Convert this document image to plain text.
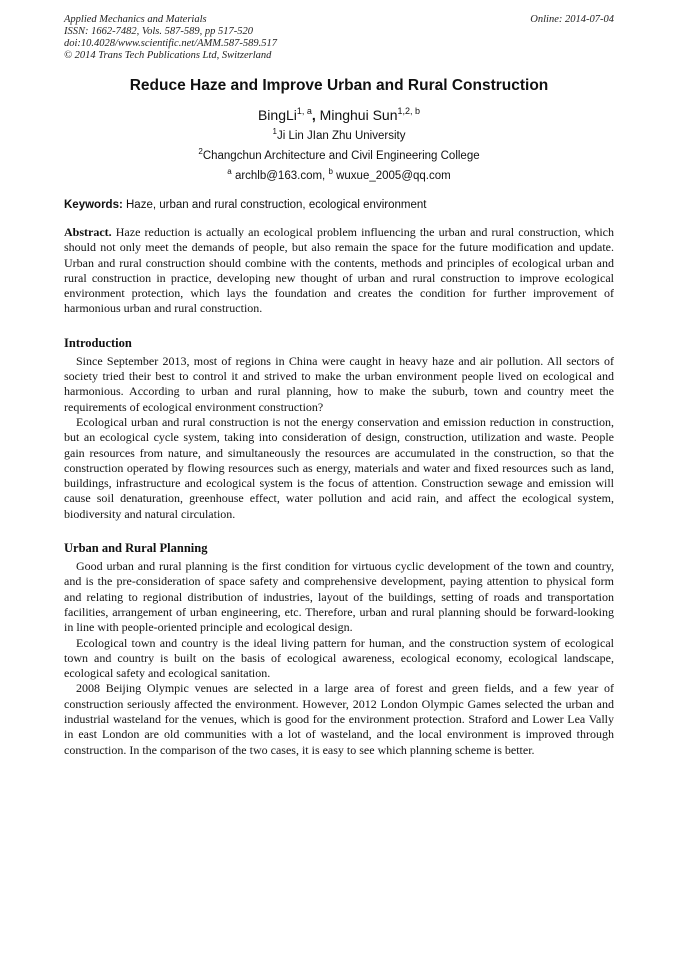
Applied Mechanics and Materials
ISSN: 1662-7482, Vols. 587-589, pp 517-520
doi:10.4028/www.scientific.net/AMM.587-589.517
© 2014 Trans Tech Publications Ltd, Switzerland
Online: 2014-07-04
Reduce Haze and Improve Urban and Rural Construction
BingLi$^{1, a}$, Minghui Sun$^{1,2, b}$
$^1$Ji Lin JIan Zhu University
$^2$Changchun Architecture and Civil Engineering College
$^a$ archlb@163.com, $^b$ wuxue_2005@qq.com
Keywords: Haze, urban and rural construction, ecological environment
Abstract. Haze reduction is actually an ecological problem influencing the urban and rural construction, which should not only meet the demands of people, but also remain the space for the future modification and update. Urban and rural construction should combine with the contents, methods and principles of ecological urban and rural construction in practice, developing new thought of urban and rural construction to improve ecological environment protection, which lays the foundation and creates the condition for further improvement of harmonious urban and rural construction.
Introduction

Since September 2013, most of regions in China were caught in heavy haze and air pollution. All sectors of society tried their best to control it and strived to make the urban environment people lived on ecological and harmonious. According to urban and rural planning, how to make the suburb, town and country meet the requirements of ecological environment construction?

Ecological urban and rural construction is not the energy conservation and emission reduction in construction, but an ecological cycle system, taking into consideration of design, construction, utilization and waste. People gain resources from nature, and simultaneously the resources are accumulated in the construction, so that the construction operated by flowing resources such as energy, materials and water and fixed resources such as land, buildings, infrastructure and ecological system is the focus of attention. Construction sewage and emission will cause soil denaturation, greenhouse effect, water pollution and acid rain, and affect the ecological system, biodiversity and natural circulation.

Urban and Rural Planning

Good urban and rural planning is the first condition for virtuous cyclic development of the town and country, and is the pre-consideration of space safety and comprehensive development, paying attention to physical form and relating to regional distribution of industries, layout of the buildings, setting of roads and transportation facilities, arrangement of urban engineering, etc. Therefore, urban and rural planning should be forward-looking in line with people-oriented principle and ecological design.

Ecological town and country is the ideal living pattern for human, and the construction system of ecological town and country is built on the basis of ecological awareness, ecological economy, ecological landscape, ecological safety and ecological sanitation.

2008 Beijing Olympic venues are selected in a large area of forest and green fields, and a few year of construction seriously affected the environment. However, 2012 London Olympic Games selected the urban and industrial wasteland for the venues, which is good for the environment protection. Straford and Lower Lea Vally in east London are old communities with a lot of wasteland, and the local environment is improved through construction. In the comparison of the two cases, it is easy to see which planning scheme is better.
